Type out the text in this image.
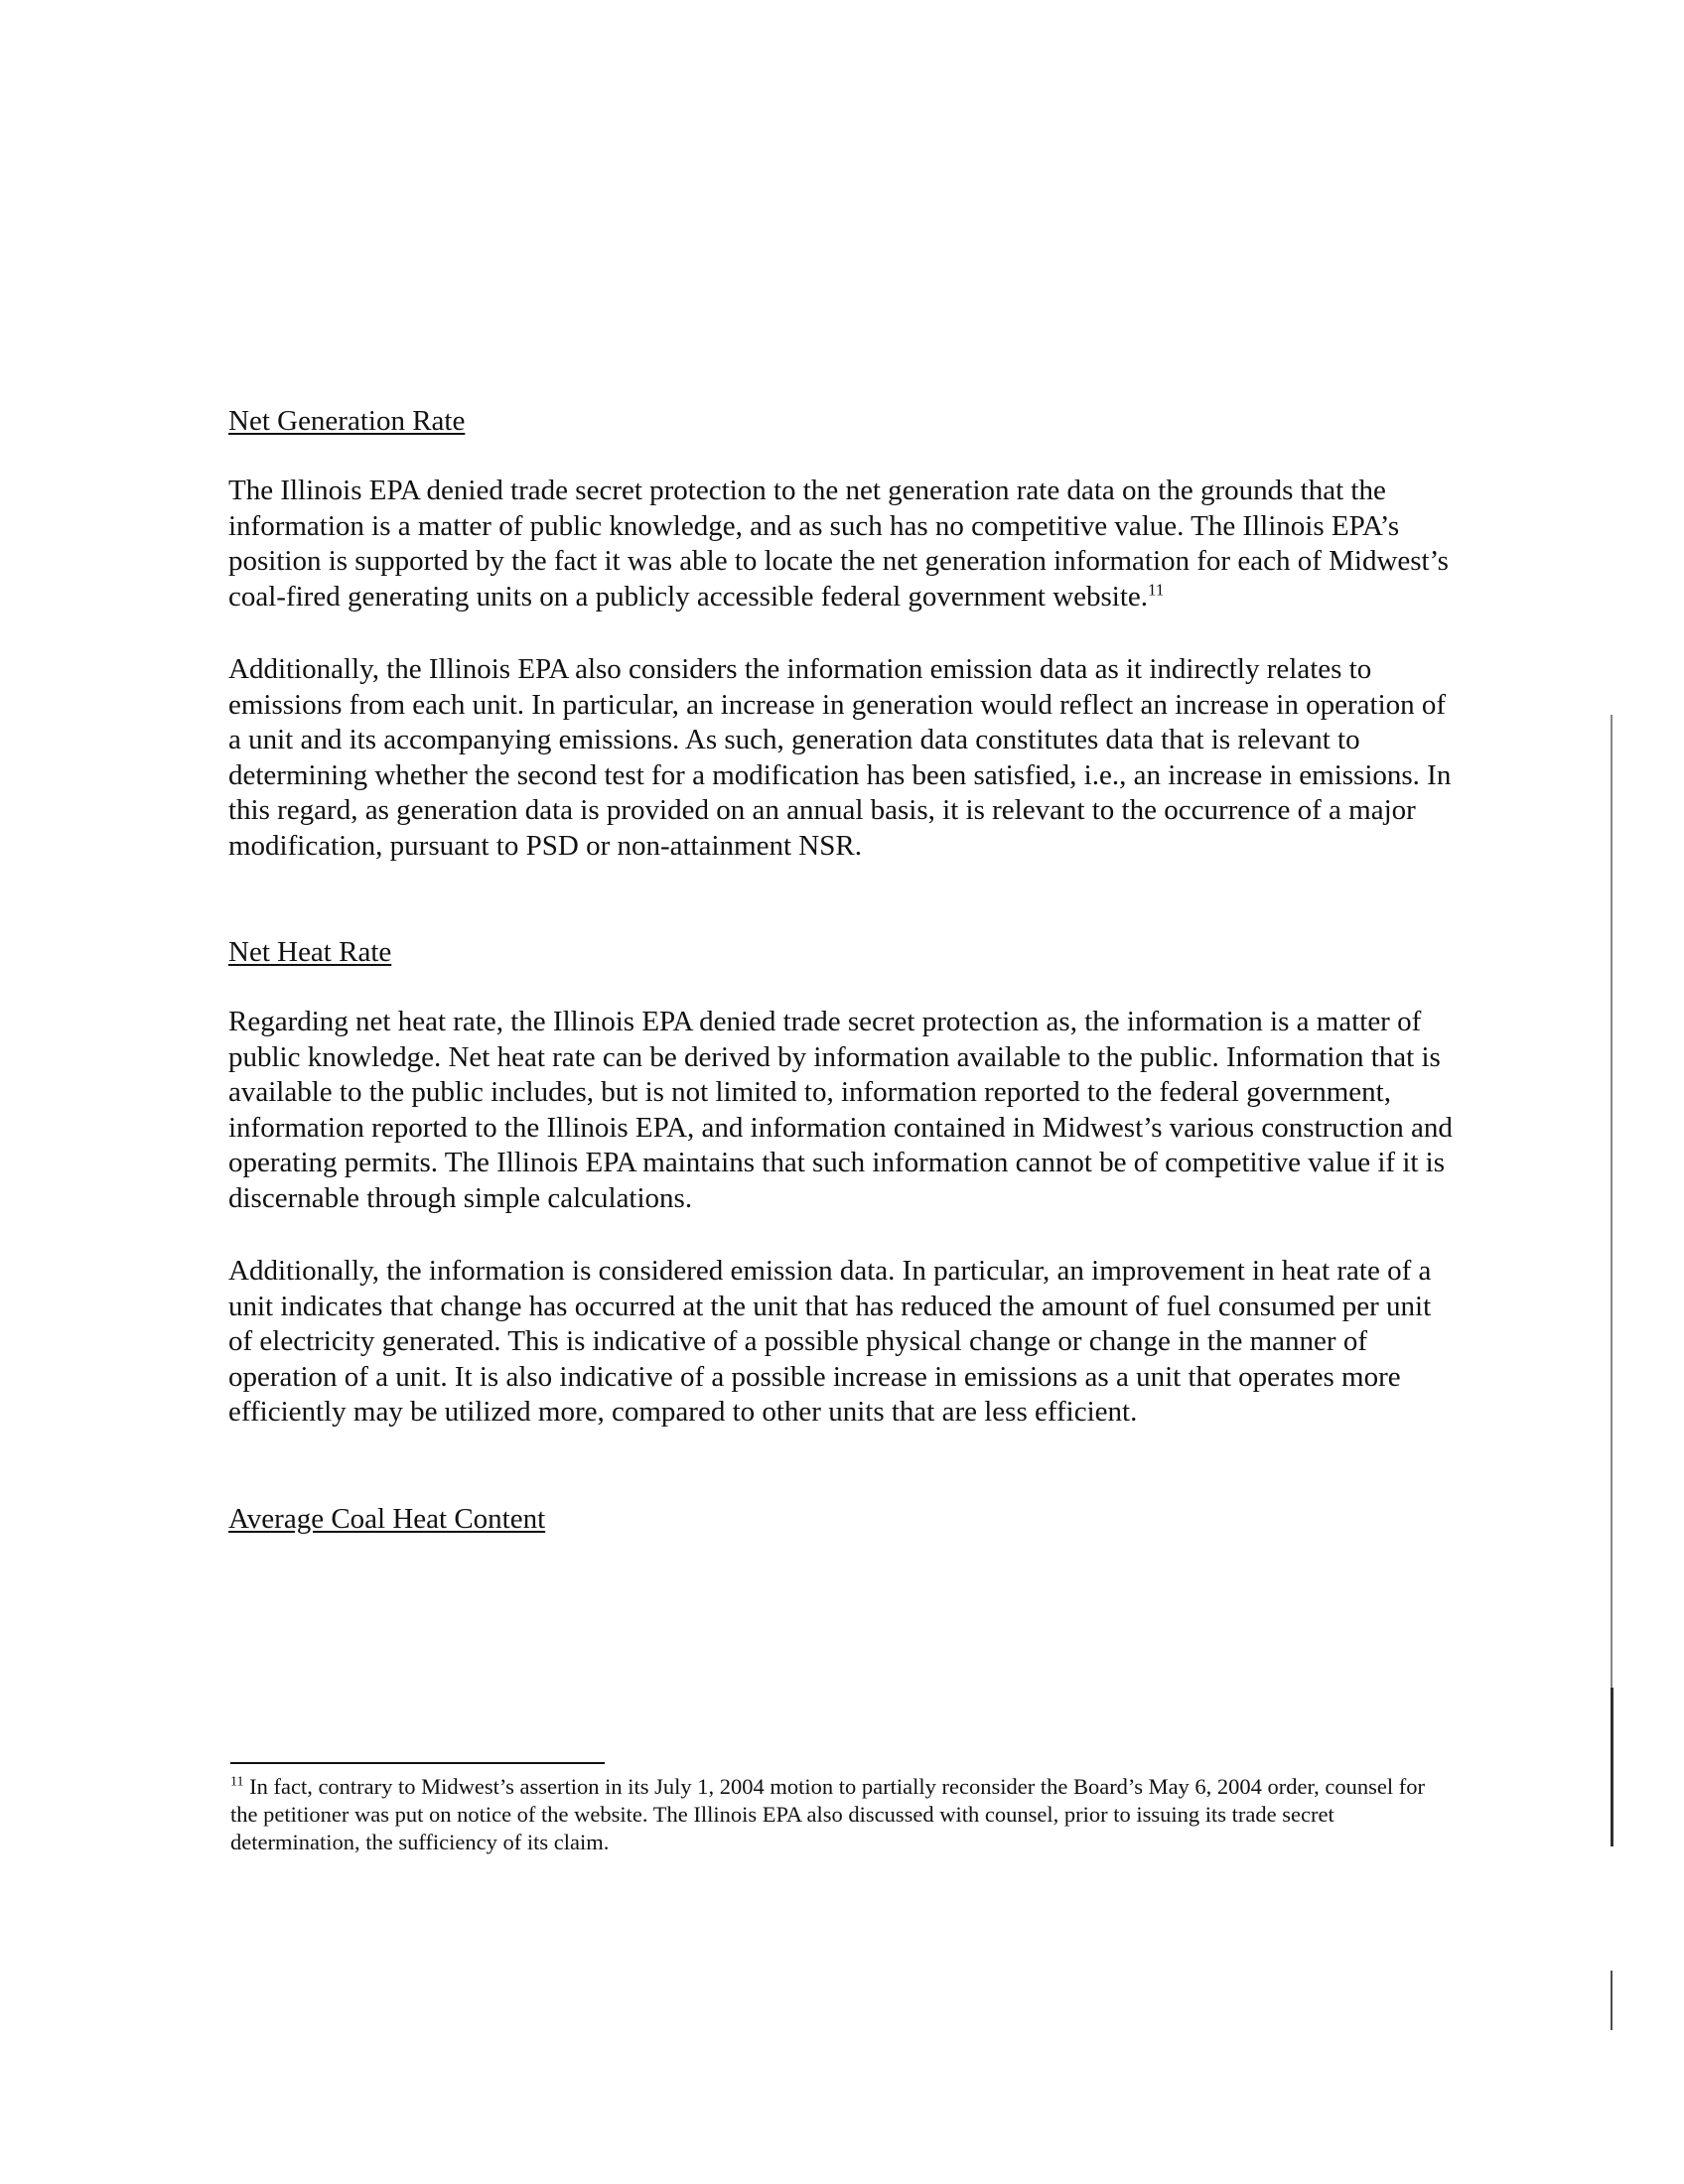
Net Generation Rate

The Illinois EPA denied trade secret protection to the net generation rate data on the grounds that the information is a matter of public knowledge, and as such has no competitive value. The Illinois EPA’s position is supported by the fact it was able to locate the net generation information for each of Midwest’s coal-fired generating units on a publicly accessible federal government website.$^{11}$

Additionally, the Illinois EPA also considers the information emission data as it indirectly relates to emissions from each unit. In particular, an increase in generation would reflect an increase in operation of a unit and its accompanying emissions. As such, generation data constitutes data that is relevant to determining whether the second test for a modification has been satisfied, i.e., an increase in emissions. In this regard, as generation data is provided on an annual basis, it is relevant to the occurrence of a major modification, pursuant to PSD or non-attainment NSR.

Net Heat Rate

Regarding net heat rate, the Illinois EPA denied trade secret protection as, the information is a matter of public knowledge. Net heat rate can be derived by information available to the public. Information that is available to the public includes, but is not limited to, information reported to the federal government, information reported to the Illinois EPA, and information contained in Midwest’s various construction and operating permits. The Illinois EPA maintains that such information cannot be of competitive value if it is discernable through simple calculations.

Additionally, the information is considered emission data. In particular, an improvement in heat rate of a unit indicates that change has occurred at the unit that has reduced the amount of fuel consumed per unit of electricity generated. This is indicative of a possible physical change or change in the manner of operation of a unit. It is also indicative of a possible increase in emissions as a unit that operates more efficiently may be utilized more, compared to other units that are less efficient.

Average Coal Heat Content

$^{11}$ In fact, contrary to Midwest’s assertion in its July 1, 2004 motion to partially reconsider the Board’s May 6, 2004 order, counsel for the petitioner was put on notice of the website. The Illinois EPA also discussed with counsel, prior to issuing its trade secret determination, the sufficiency of its claim.
